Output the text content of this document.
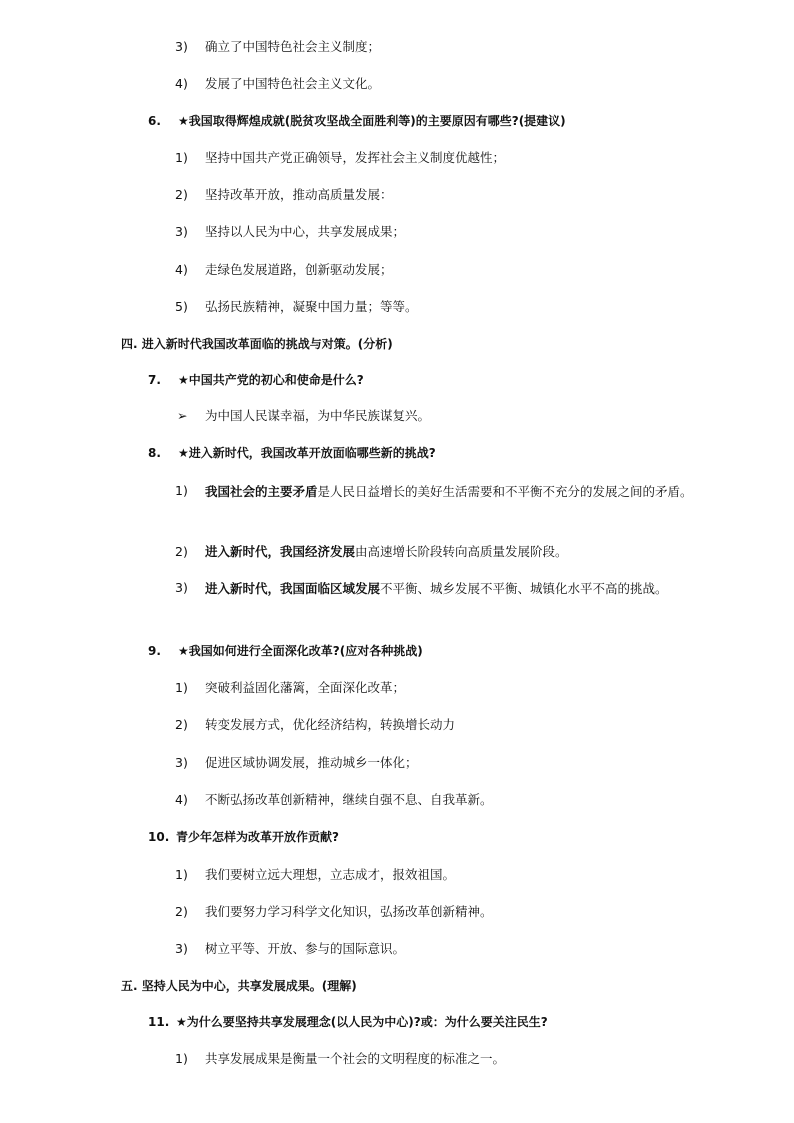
3) 确立了中国特色社会主义制度；
4) 发展了中国特色社会主义文化。
6. ★我国取得辉煌成就(脱贫攻坚战全面胜利等)的主要原因有哪些?(提建议)
1) 坚持中国共产党正确领导，发挥社会主义制度优越性；
2) 坚持改革开放，推动高质量发展：
3) 坚持以人民为中心，共享发展成果；
4) 走绿色发展道路，创新驱动发展；
5) 弘扬民族精神，凝聚中国力量；等等。
四. 进入新时代我国改革面临的挑战与对策。(分析)
7. ★中国共产党的初心和使命是什么?
➢ 为中国人民谋幸福，为中华民族谋复兴。
8. ★进入新时代，我国改革开放面临哪些新的挑战?
1) 我国社会的主要矛盾是人民日益增长的美好生活需要和不平衡不充分的发展之间的矛盾。
2) 进入新时代，我国经济发展由高速增长阶段转向高质量发展阶段。
3) 进入新时代，我国面临区域发展不平衡、城乡发展不平衡、城镇化水平不高的挑战。
9. ★我国如何进行全面深化改革?(应对各种挑战)
1) 突破利益固化藩篱，全面深化改革；
2) 转变发展方式，优化经济结构，转换增长动力
3) 促进区域协调发展，推动城乡一体化；
4) 不断弘扬改革创新精神，继续自强不息、自我革新。
10. 青少年怎样为改革开放作贡献?
1) 我们要树立远大理想，立志成才，报效祖国。
2) 我们要努力学习科学文化知识，弘扬改革创新精神。
3) 树立平等、开放、参与的国际意识。
五. 坚持人民为中心，共享发展成果。(理解)
11. ★为什么要坚持共享发展理念(以人民为中心)?或：为什么要关注民生?
1) 共享发展成果是衡量一个社会的文明程度的标准之一。
